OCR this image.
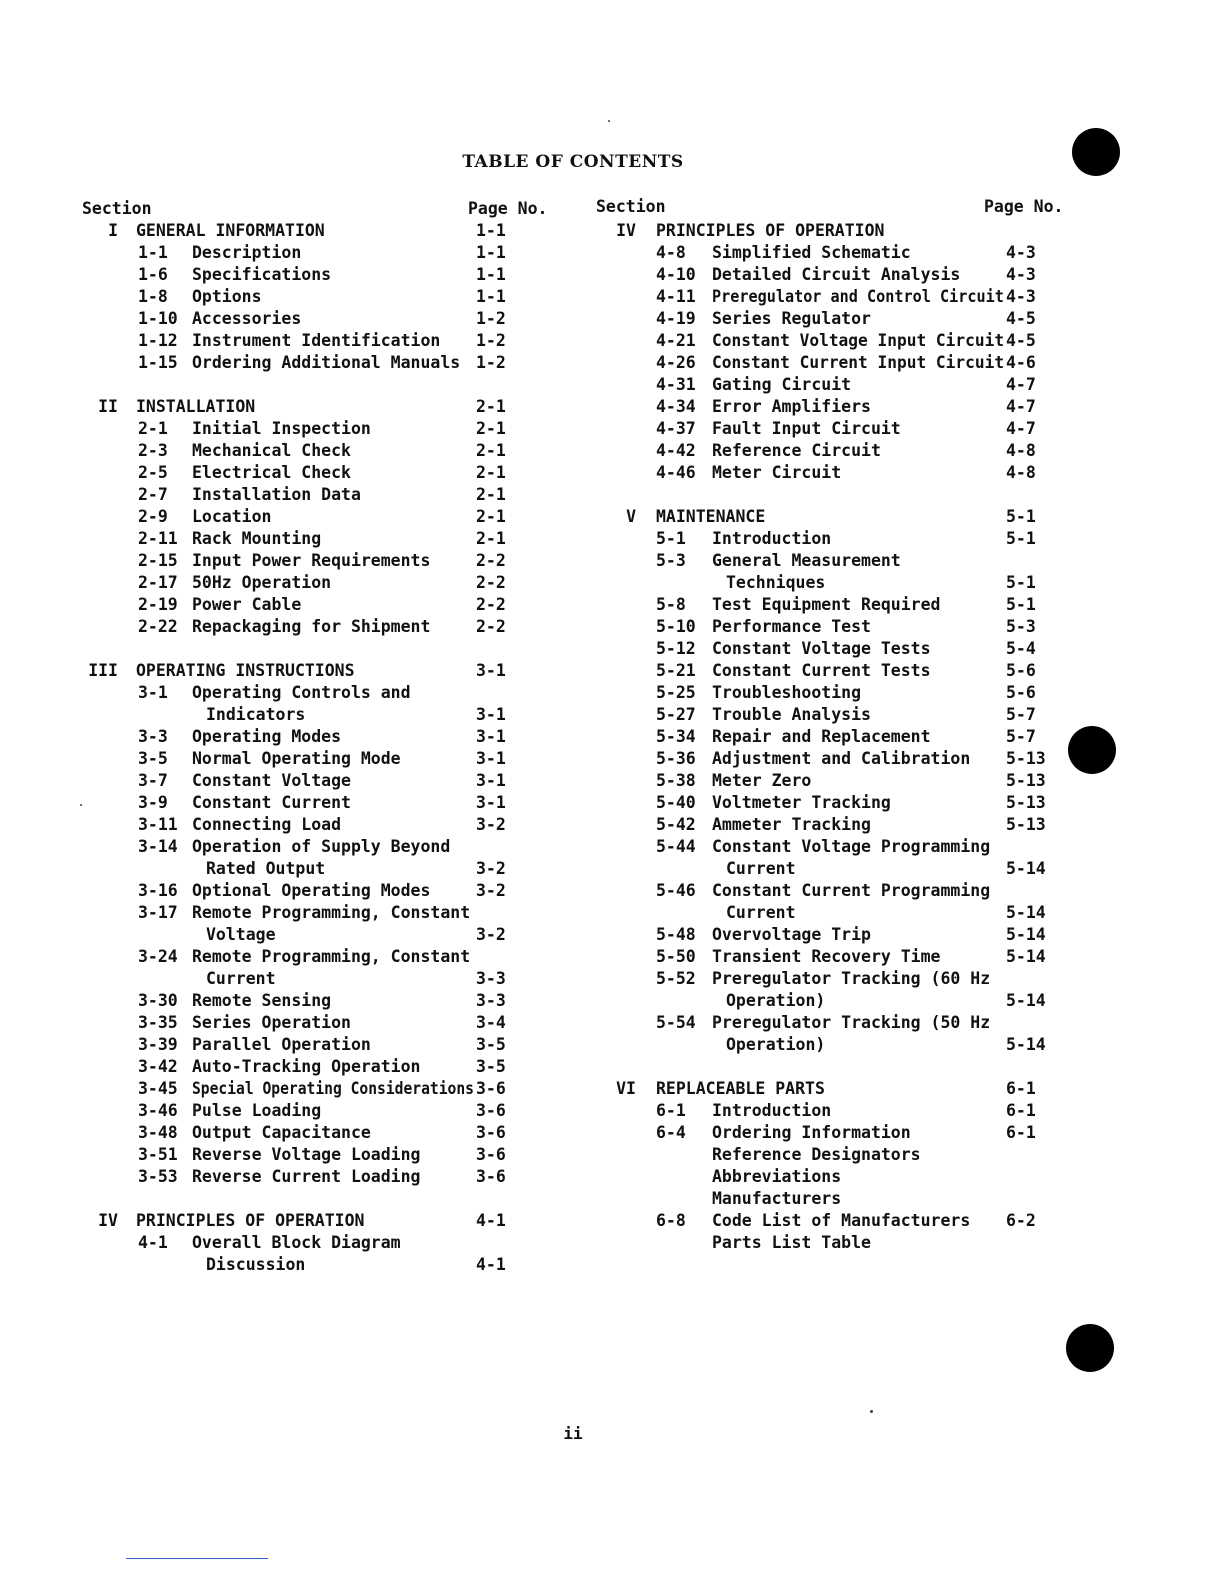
TABLE OF CONTENTS
Section	Page No.
I GENERAL INFORMATION	1-1
1-1 Description	1-1
1-6 Specifications	1-1
1-8 Options	1-1
1-10 Accessories	1-2
1-12 Instrument Identification 1-2
1-15 Ordering Additional Manuals 1-2
II INSTALLATION	2-1
2-1 Initial Inspection	2-1
2-3 Mechanical Check	2-1
2-5 Electrical Check	2-1
2-7 Installation Data	2-1
2-9 Location	2-1
2-11 Rack Mounting	2-1
2-15 Input Power Requirements	2-2
2-17 50Hz Operation	2-2
2-19 Power Cable	2-2
2-22 Repackaging for Shipment	2-2
III OPERATING INSTRUCTIONS	3-1
3-1 Operating Controls and
Indicators	3-1
3-3 Operating Modes	3-1
3-5 Normal Operating Mode	3-1
3-7 Constant Voltage	3-1
3-9 Constant Current	3-1
3-11 Connecting Load	3-2
3-14 Operation of Supply Beyond
Rated Output	3-2
3-16 Optional Operating Modes	3-2
3-17 Remote Programming, Constant
Voltage	3-2
3-24 Remote Programming, Constant
Current	3-3
3-30 Remote Sensing	3-3
3-35 Series Operation	3-4
3-39 Parallel Operation	3-5
3-42 Auto-Tracking Operation	3-5
3-45 Special Operating Considerations 3-6
3-46 Pulse Loading	3-6
3-48 Output Capacitance	3-6
3-51 Reverse Voltage Loading	3-6
3-53 Reverse Current Loading	3-6
IV PRINCIPLES OF OPERATION	4-1
4-1 Overall Block Diagram
Discussion	4-1
Section	Page No.
IV PRINCIPLES OF OPERATION
4-8 Simplified Schematic	4-3
4-10 Detailed Circuit Analysis	4-3
4-11 Preregulator and Control Circuit 4-3
4-19 Series Regulator	4-5
4-21 Constant Voltage Input Circuit 4-5
4-26 Constant Current Input Circuit 4-6
4-31 Gating Circuit	4-7
4-34 Error Amplifiers	4-7
4-37 Fault Input Circuit	4-7
4-42 Reference Circuit	4-8
4-46 Meter Circuit	4-8
V MAINTENANCE	5-1
5-1 Introduction	5-1
5-3 General Measurement
Techniques	5-1
5-8 Test Equipment Required	5-1
5-10 Performance Test	5-3
5-12 Constant Voltage Tests	5-4
5-21 Constant Current Tests	5-6
5-25 Troubleshooting	5-6
5-27 Trouble Analysis	5-7
5-34 Repair and Replacement	5-7
5-36 Adjustment and Calibration 5-13
5-38 Meter Zero	5-13
5-40 Voltmeter Tracking	5-13
5-42 Ammeter Tracking	5-13
5-44 Constant Voltage Programming
Current	5-14
5-46 Constant Current Programming
Current	5-14
5-48 Overvoltage Trip	5-14
5-50 Transient Recovery Time	5-14
5-52 Preregulator Tracking (60 Hz
Operation)	5-14
5-54 Preregulator Tracking (50 Hz
Operation)	5-14
VI REPLACEABLE PARTS	6-1
6-1 Introduction	6-1
6-4 Ordering Information	6-1
Reference Designators
Abbreviations
Manufacturers
6-8 Code List of Manufacturers 6-2
Parts List Table
ii
